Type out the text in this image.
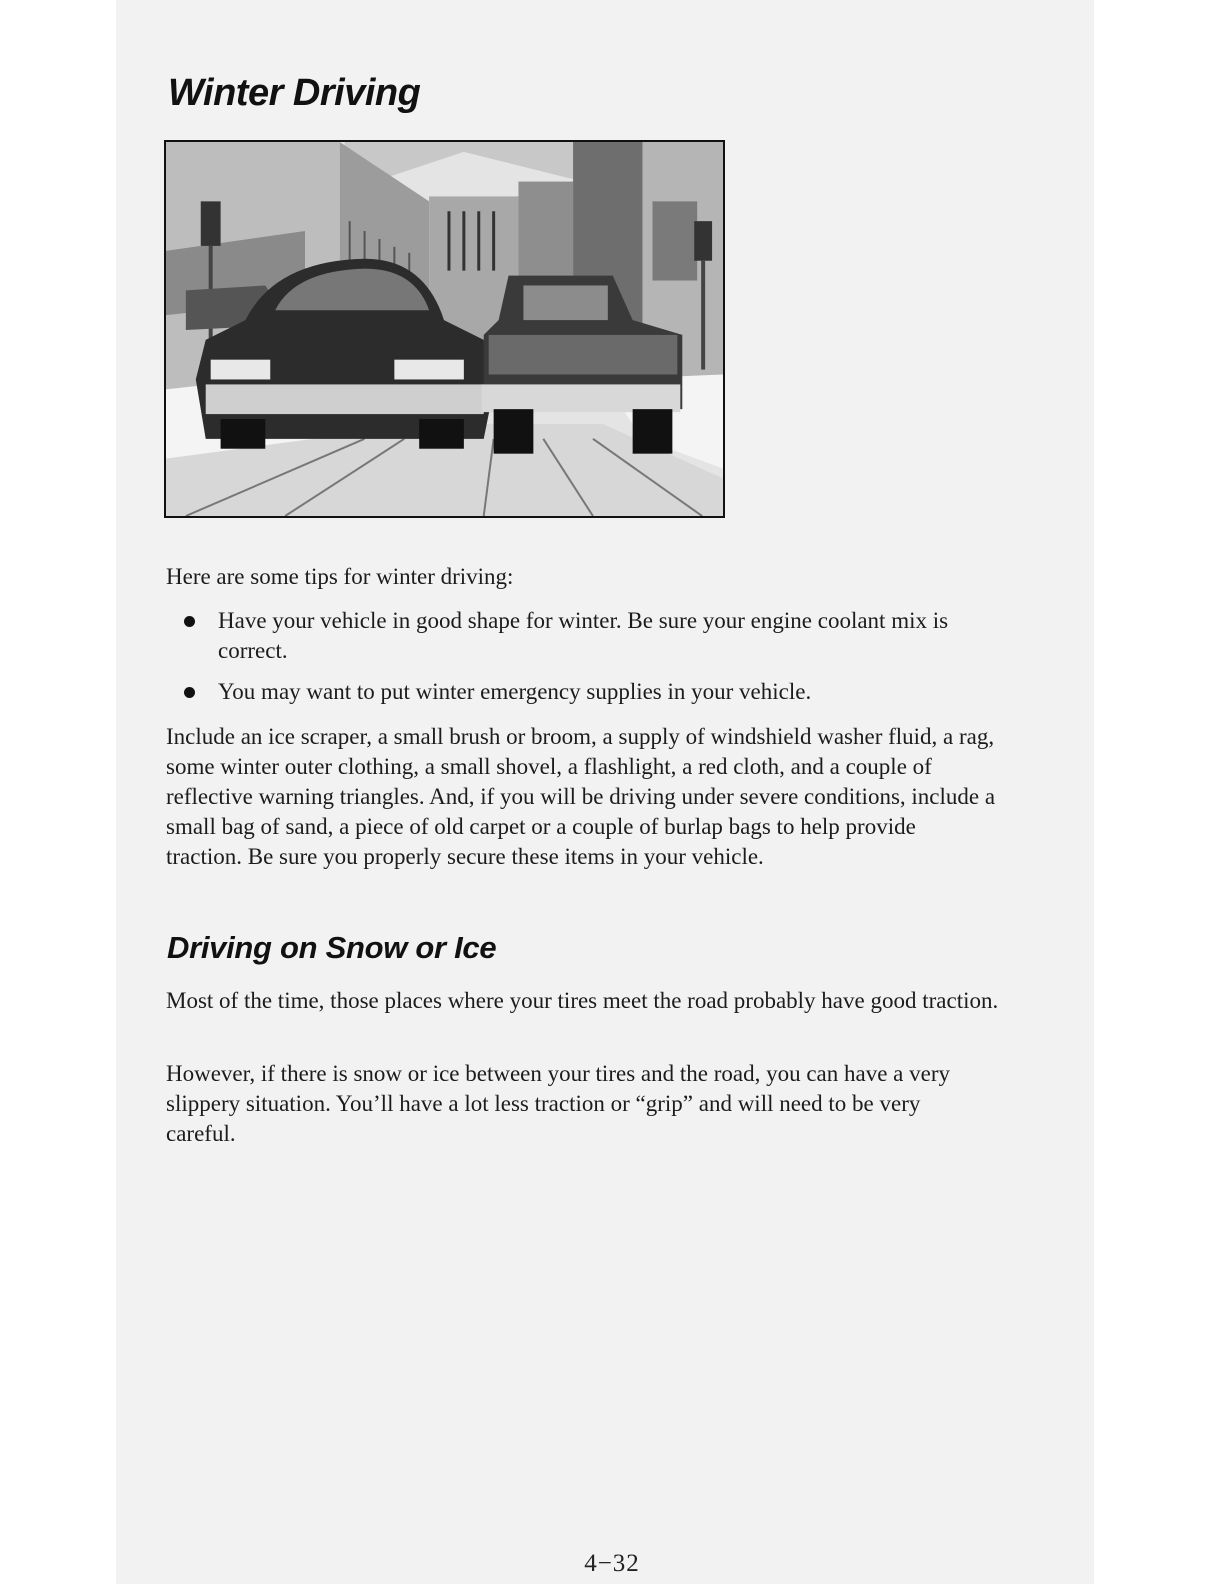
Winter Driving

Here are some tips for winter driving:

Have your vehicle in good shape for winter. Be sure your engine coolant mix is correct.

You may want to put winter emergency supplies in your vehicle.

Include an ice scraper, a small brush or broom, a supply of windshield washer fluid, a rag, some winter outer clothing, a small shovel, a flashlight, a red cloth, and a couple of reflective warning triangles. And, if you will be driving under severe conditions, include a small bag of sand, a piece of old carpet or a couple of burlap bags to help provide traction. Be sure you properly secure these items in your vehicle.

Driving on Snow or Ice

Most of the time, those places where your tires meet the road probably have good traction.

However, if there is snow or ice between your tires and the road, you can have a very slippery situation. You’ll have a lot less traction or “grip” and will need to be very careful.

4−32
